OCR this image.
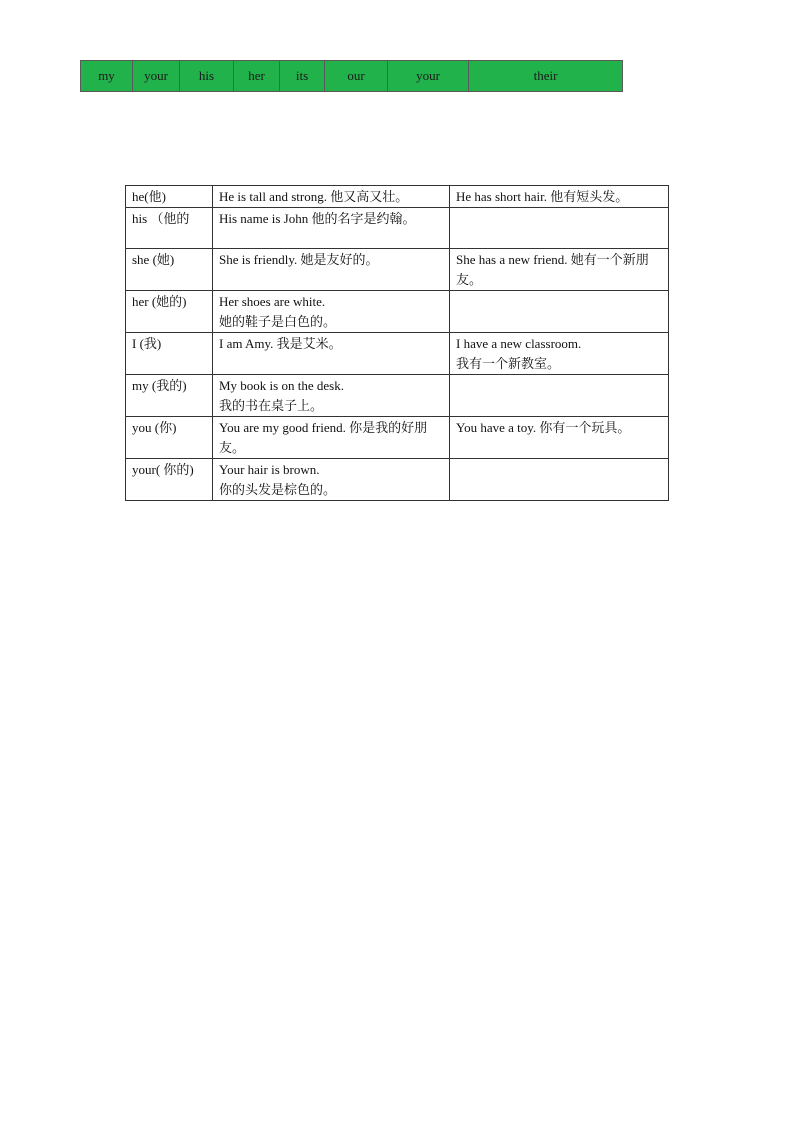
my	your	his	her	its	our	your	their
he(他)	He is tall and strong. 他又高又壮。	He has short hair. 他有短头发。
his （他的	His name is John 他的名字是约翰。	
she (她)	She is friendly. 她是友好的。	She has a new friend. 她有一个新朋友。
her (她的)	Her shoes are white.
她的鞋子是白色的。	
I (我)	I am Amy. 我是艾米。	I have a new classroom.
我有一个新教室。
my (我的)	My book is on the desk.
我的书在桌子上。	
you (你)	You are my good friend. 你是我的好朋友。	You have a toy. 你有一个玩具。
your( 你的)	Your hair is brown.
你的头发是棕色的。	
